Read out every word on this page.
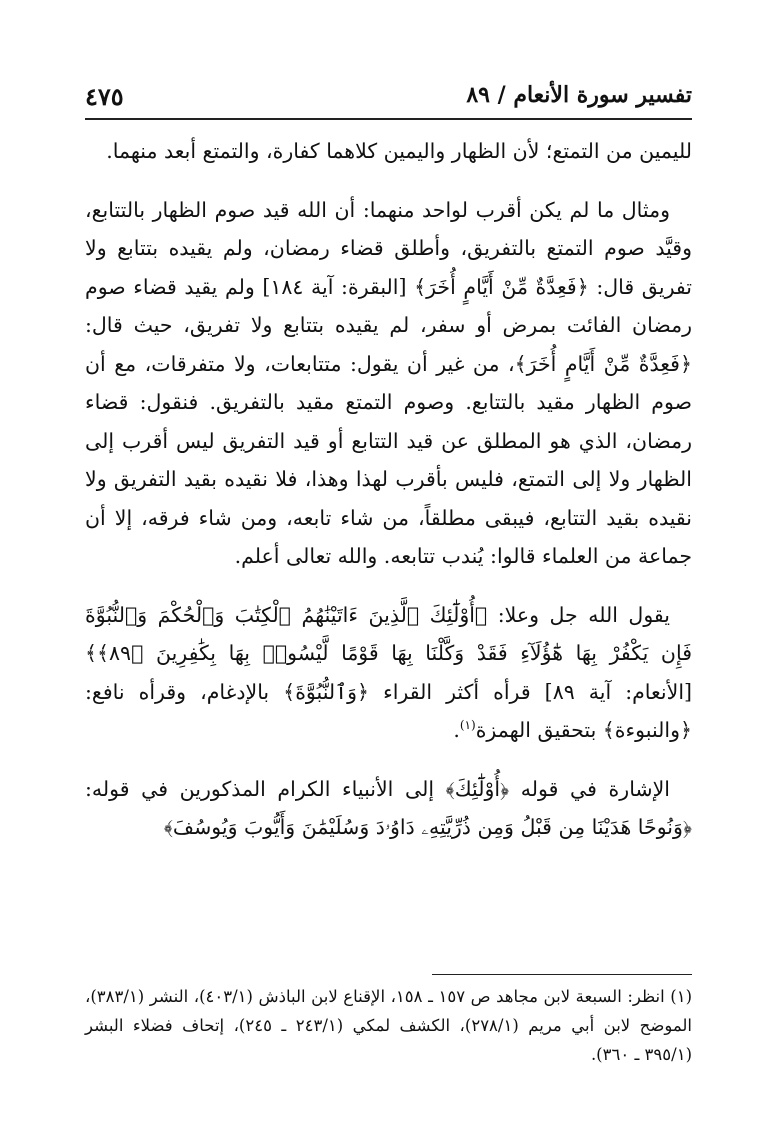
تفسير سورة الأنعام / ٨٩
٤٧٥

لليمين من التمتع؛ لأن الظهار واليمين كلاهما كفارة، والتمتع أبعد منهما.

ومثال ما لم يكن أقرب لواحد منهما: أن الله قيد صوم الظهار بالتتابع، وقيَّد صوم التمتع بالتفريق، وأطلق قضاء رمضان، ولم يقيده بتتابع ولا تفريق قال: ﴿فَعِدَّةٌ مِّنْ أَيَّامٍ أُخَرَ﴾ [البقرة: آية ١٨٤] ولم يقيد قضاء صوم رمضان الفائت بمرض أو سفر، لم يقيده بتتابع ولا تفريق، حيث قال: ﴿فَعِدَّةٌ مِّنْ أَيَّامٍ أُخَرَ﴾، من غير أن يقول: متتابعات، ولا متفرقات، مع أن صوم الظهار مقيد بالتتابع. وصوم التمتع مقيد بالتفريق. فنقول: قضاء رمضان، الذي هو المطلق عن قيد التتابع أو قيد التفريق ليس أقرب إلى الظهار ولا إلى التمتع، فليس بأقرب لهذا وهذا، فلا نقيده بقيد التفريق ولا نقيده بقيد التتابع، فيبقى مطلقاً، من شاء تابعه، ومن شاء فرقه، إلا أن جماعة من العلماء قالوا: يُندب تتابعه. والله تعالى أعلم.

يقول الله جل وعلا: ﴿أُوْلَٰٓئِكَ ٱلَّذِينَ ءَاتَيْنَٰهُمُ ٱلْكِتَٰبَ وَٱلْحُكْمَ وَٱلنُّبُوَّةَ فَإِن يَكْفُرْ بِهَا هَٰٓؤُلَآءِ فَقَدْ وَكَّلْنَا بِهَا قَوْمًا لَّيْسُوا۟ بِهَا بِكَٰفِرِينَ ﴿٨٩﴾﴾ [الأنعام: آية ٨٩] قرأه أكثر القراء ﴿وَٱلنُّبُوَّةَ﴾ بالإدغام، وقرأه نافع: ﴿والنبوءة﴾ بتحقيق الهمزة$^{(١)}$.

الإشارة في قوله ﴿أُوْلَٰٓئِكَ﴾ إلى الأنبياء الكرام المذكورين في قوله: ﴿وَنُوحًا هَدَيْنَا مِن قَبْلُ وَمِن ذُرِّيَّتِهِۦ دَاوُۥدَ وَسُلَيْمَٰنَ وَأَيُّوبَ وَيُوسُفَ﴾

(١) انظر: السبعة لابن مجاهد ص ١٥٧ ـ ١٥٨، الإقناع لابن الباذش (٤٠٣/١)، النشر (٣٨٣/١)، الموضح لابن أبي مريم (٢٧٨/١)، الكشف لمكي (٢٤٣/١ ـ ٢٤٥)، إتحاف فضلاء البشر (٣٩٥/١ ـ ٣٦٠).
